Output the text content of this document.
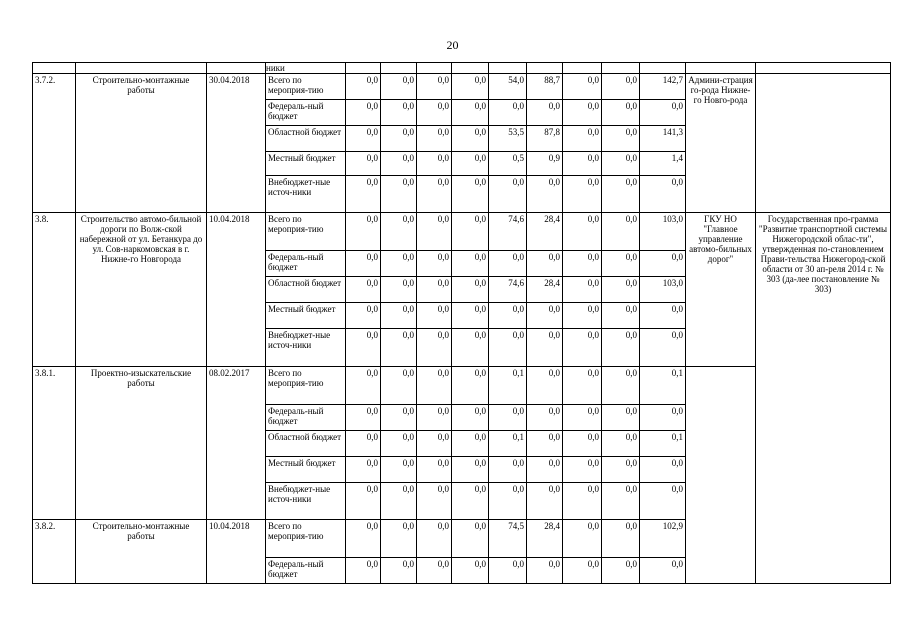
20
			ники											
3.7.2.	Строительно-монтажные работы	30.04.2018	Всего по мероприя-тию	0,0	0,0	0,0	0,0	54,0	88,7	0,0	0,0	142,7	Админи-страция го-рода Нижне-го Новго-рода	
			Федераль-ный бюджет	0,0	0,0	0,0	0,0	0,0	0,0	0,0	0,0	0,0		
			Областной бюджет	0,0	0,0	0,0	0,0	53,5	87,8	0,0	0,0	141,3		
			Местный бюджет	0,0	0,0	0,0	0,0	0,5	0,9	0,0	0,0	1,4		
			Внебюджет-ные источ-ники	0,0	0,0	0,0	0,0	0,0	0,0	0,0	0,0	0,0		
3.8.	Строительство автомо-бильной дороги по Волж-ской набережной от ул. Бетанкура до ул. Сов-наркомовская в г. Нижне-го Новгорода	10.04.2018	Всего по мероприя-тию	0,0	0,0	0,0	0,0	74,6	28,4	0,0	0,0	103,0	ГКУ НО "Главное управление автомо-бильных дорог"	Государственная про-грамма "Развитие транспортной системы Нижегородской облас-ти", утвержденная по-становлением Прави-тельства Нижегород-ской области от 30 ап-реля 2014 г. № 303 (да-лее постановление № 303)
			Федераль-ный бюджет	0,0	0,0	0,0	0,0	0,0	0,0	0,0	0,0	0,0		
			Областной бюджет	0,0	0,0	0,0	0,0	74,6	28,4	0,0	0,0	103,0		
			Местный бюджет	0,0	0,0	0,0	0,0	0,0	0,0	0,0	0,0	0,0		
			Внебюджет-ные источ-ники	0,0	0,0	0,0	0,0	0,0	0,0	0,0	0,0	0,0		
3.8.1.	Проектно-изыскательские работы	08.02.2017	Всего по мероприя-тию	0,0	0,0	0,0	0,0	0,1	0,0	0,0	0,0	0,1		
			Федераль-ный бюджет	0,0	0,0	0,0	0,0	0,0	0,0	0,0	0,0	0,0		
			Областной бюджет	0,0	0,0	0,0	0,0	0,1	0,0	0,0	0,0	0,1		
			Местный бюджет	0,0	0,0	0,0	0,0	0,0	0,0	0,0	0,0	0,0		
			Внебюджет-ные источ-ники	0,0	0,0	0,0	0,0	0,0	0,0	0,0	0,0	0,0		
3.8.2.	Строительно-монтажные работы	10.04.2018	Всего по мероприя-тию	0,0	0,0	0,0	0,0	74,5	28,4	0,0	0,0	102,9		
			Федераль-ный бюджет	0,0	0,0	0,0	0,0	0,0	0,0	0,0	0,0	0,0		
